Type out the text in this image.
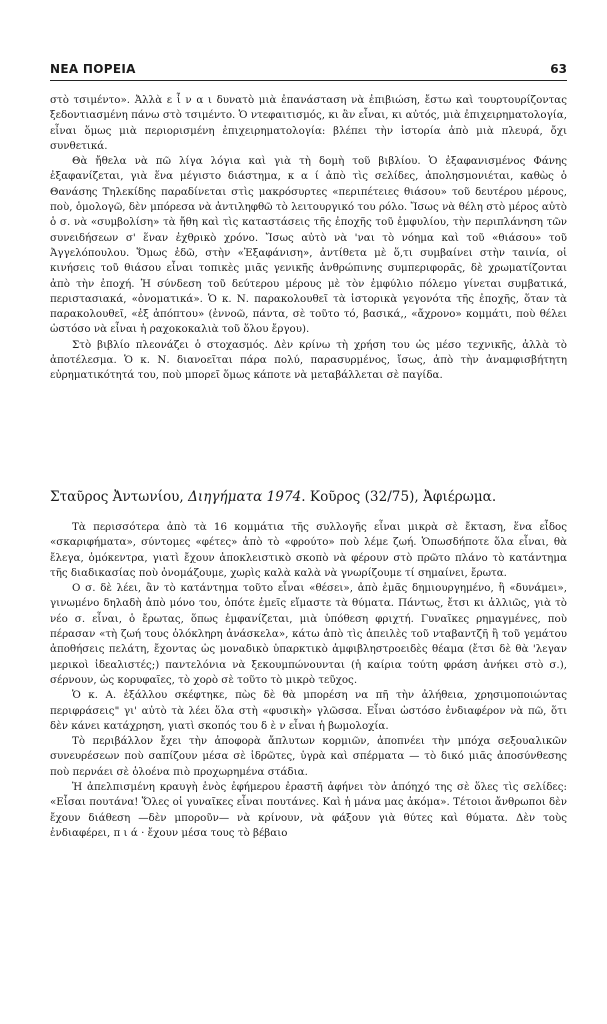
ΝΕΑ ΠΟΡΕΙΑ	63

στὸ τσιμέντο». Ἀλλὰ ε ἶ ν α ι δυνατὸ μιὰ ἐπανάσταση νὰ ἐπιβιώση, ἔστω καὶ τουρτουρίζοντας ξεδοντιασμένη πάνω στὸ τσιμέντο. Ὁ ντεφαιτισμός, κι ἂν εἶναι, κι αὐτός, μιὰ ἐπιχειρηματολογία, εἶναι ὅμως μιὰ περιορισμένη ἐπιχειρηματολογία: βλέπει τὴν ἱστορία ἀπὸ μιὰ πλευρά, ὄχι συνθετικά.

Θὰ ἤθελα νὰ πῶ λίγα λόγια καὶ γιὰ τὴ δομὴ τοῦ βιβλίου. Ὁ ἐξαφανισμένος Φάνης ἐξαφανίζεται, γιὰ ἕνα μέγιστο διάστημα, κ α ί ἀπὸ τὶς σελίδες, ἀπολησμονιέται, καθὼς ὁ Θανάσης Τηλεκίδης παραδίνεται στὶς μακρόσυρτες «περιπέτειες θιάσου» τοῦ δευτέρου μέρους, ποὺ, ὁμολογῶ, δὲν μπόρεσα νὰ ἀντιληφθῶ τὸ λειτουργικό του ρόλο. Ἴσως νὰ θέλη στὸ μέρος αὐτὸ ὁ σ. νὰ «συμβολίση» τὰ ἤθη καὶ τὶς καταστάσεις τῆς ἐποχῆς τοῦ ἐμφυλίου, τὴν περιπλάνηση τῶν συνειδήσεων σ' ἕναν ἐχθρικὸ χρόνο. Ἴσως αὐτὸ νὰ 'ναι τὸ νόημα καὶ τοῦ «θιάσου» τοῦ Ἀγγελόπουλου. Ὅμως ἐδῶ, στὴν «Ἐξαφάνιση», ἀντίθετα μὲ ὅ,τι συμβαίνει στὴν ταινία, οἱ κινήσεις τοῦ θιάσου εἶναι τοπικὲς μιᾶς γενικῆς ἀνθρώπινης συμπεριφορᾶς, δὲ χρωματίζονται ἀπὸ τὴν ἐποχή. Ἡ σύνδεση τοῦ δεύτερου μέρους μὲ τὸν ἐμφύλιο πόλεμο γίνεται συμβατικά, περιστασιακά, «ὀνοματικά». Ὁ κ. Ν. παρακολουθεῖ τὰ ἱστορικὰ γεγονότα τῆς ἐποχῆς, ὅταν τὰ παρακολουθεῖ, «ἐξ ἀπόπτου» (ἐννοῶ, πάντα, σὲ τοῦτο τό, βασικά,, «ἄχρονο» κομμάτι, ποὺ θέλει ὡστόσο νὰ εἶναι ἡ ραχοκοκαλιὰ τοῦ ὅλου ἔργου).

Στὸ βιβλίο πλεονάζει ὁ στοχασμός. Δὲν κρίνω τὴ χρήση του ὡς μέσο τεχνικῆς, ἀλλὰ τὸ ἀποτέλεσμα. Ὁ κ. Ν. διανοεῖται πάρα πολύ, παρασυρμένος, ἴσως, ἀπὸ τὴν ἀναμφισβήτητη εὐρηματικότητά του, ποὺ μπορεῖ ὅμως κάποτε νὰ μεταβάλλεται σὲ παγίδα.

Σταῦρος Ἀντωνίου, Διηγήματα 1974. Κοῦρος (32/75), Ἀφιέρωμα.

Τὰ περισσότερα ἀπὸ τὰ 16 κομμάτια τῆς συλλογῆς εἶναι μικρὰ σὲ ἔκταση, ἕνα εἶδος «σκαριφήματα», σύντομες «φέτες» ἀπὸ τὸ «φρούτο» ποὺ λέμε ζωή. Ὁπωσδήποτε ὅλα εἶναι, θὰ ἔλεγα, ὁμόκεντρα, γιατὶ ἔχουν ἀποκλειστικὸ σκοπὸ νὰ φέρουν στὸ πρῶτο πλάνο τὸ κατάντημα τῆς διαδικασίας ποὺ ὀνομάζουμε, χωρὶς καλὰ καλὰ νὰ γνωρίζουμε τί σημαίνει, ἔρωτα.

Ο σ. δὲ λέει, ἂν τὸ κατάντημα τοῦτο εἶναι «θέσει», ἀπὸ ἐμᾶς δημιουργημένο, ἢ «δυνάμει», γινωμένο δηλαδὴ ἀπὸ μόνο του, ὁπότε ἐμεῖς εἴμαστε τὰ θύματα. Πάντως, ἔτσι κι ἀλλιῶς, γιὰ τὸ νέο σ. εἶναι, ὁ ἔρωτας, ὅπως ἐμφανίζεται, μιὰ ὑπόθεση φριχτή. Γυναῖκες ρημαγμένες, ποὺ πέρασαν «τὴ ζωή τους ὁλόκληρη ἀνάσκελα», κάτω ἀπὸ τὶς ἀπειλὲς τοῦ νταβαντζῆ ἢ τοῦ γεμάτου ἀποθήσεις πελάτη, ἔχοντας ὡς μοναδικὸ ὑπαρκτικὸ ἀμφιβληστροειδὲς θέαμα (ἔτσι δὲ θὰ 'λεγαν μερικοὶ ἰδεαλιστές;) παντελόνια νὰ ξεκουμπώνουνται (ἡ καίρια τούτη φράση ἀνήκει στὸ σ.), σέρνουν, ὡς κορυφαῖες, τὸ χορὸ σὲ τοῦτο τὸ μικρὸ τεῦχος.

Ὁ κ. Α. ἐξάλλου σκέφτηκε, πὼς δὲ θὰ μπορέση να πῆ τὴν ἀλήθεια, χρησιμοποιώντας περιφράσεις" γι' αὐτὸ τὰ λέει ὅλα στὴ «φυσικὴ» γλῶσσα. Εἶναι ὡστόσο ἐνδιαφέρον νὰ πῶ, ὅτι δὲν κάνει κατάχρηση, γιατὶ σκοπός του δ ὲ ν εἶναι ἡ βωμολοχία.

Τὸ περιβάλλον ἔχει τὴν ἀποφορὰ ἄπλυτων κορμιῶν, ἀποπνέει τὴν μπόχα σεξουαλικῶν συνευρέσεων ποὺ σαπίζουν μέσα σὲ ἱδρῶτες, ὑγρὰ καὶ σπέρματα — τὸ δικό μιᾶς ἀποσύνθεσης ποὺ περνάει σὲ ὁλοένα πιὸ προχωρημένα στάδια.

Ἡ ἀπελπισμένη κραυγὴ ἑνὸς ἐφήμερου ἐραστῆ ἀφήνει τὸν ἀπόηχό της σὲ ὅλες τὶς σελίδες: «Εἶσαι πουτάνα! Ὅλες οἱ γυναῖκες εἶναι πουτάνες. Καὶ ἡ μάνα μας ἀκόμα». Τέτοιοι ἄνθρωποι δὲν ἔχουν διάθεση —δὲν μποροῦν— νὰ κρίνουν, νὰ φάξουν γιὰ θύτες καὶ θύματα. Δὲν τοὺς ἐνδιαφέρει, π ι ά · ἔχουν μέσα τους τὸ βέβαιο
